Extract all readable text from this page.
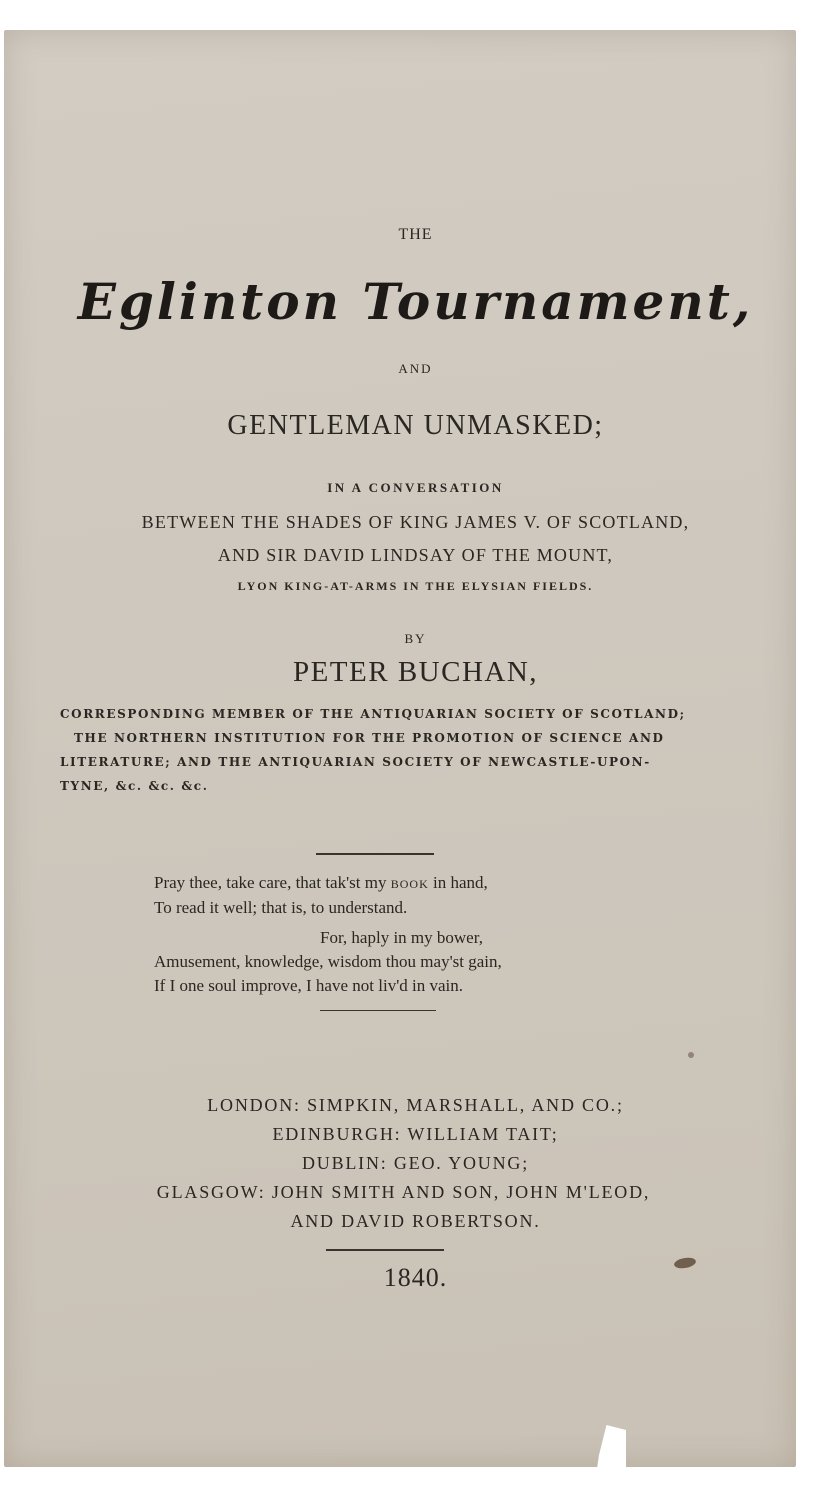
THE

Eglinton Tournament,

AND

GENTLEMAN UNMASKED;

IN A CONVERSATION

BETWEEN THE SHADES OF KING JAMES V. OF SCOTLAND,

AND SIR DAVID LINDSAY OF THE MOUNT,

LYON KING-AT-ARMS IN THE ELYSIAN FIELDS.

BY

PETER BUCHAN,

CORRESPONDING MEMBER OF THE ANTIQUARIAN SOCIETY OF SCOTLAND;
THE NORTHERN INSTITUTION FOR THE PROMOTION OF SCIENCE AND
LITERATURE; AND THE ANTIQUARIAN SOCIETY OF NEWCASTLE-UPON-
TYNE, &c. &c. &c.
Pray thee, take care, that tak'st my BOOK in hand,
To read it well; that is, to understand.
For, haply in my bower,
Amusement, knowledge, wisdom thou may'st gain,
If I one soul improve, I have not liv'd in vain.

LONDON: SIMPKIN, MARSHALL, AND CO.;

EDINBURGH: WILLIAM TAIT;

DUBLIN: GEO. YOUNG;

GLASGOW: JOHN SMITH AND SON, JOHN M'LEOD,

AND DAVID ROBERTSON.

1840.
